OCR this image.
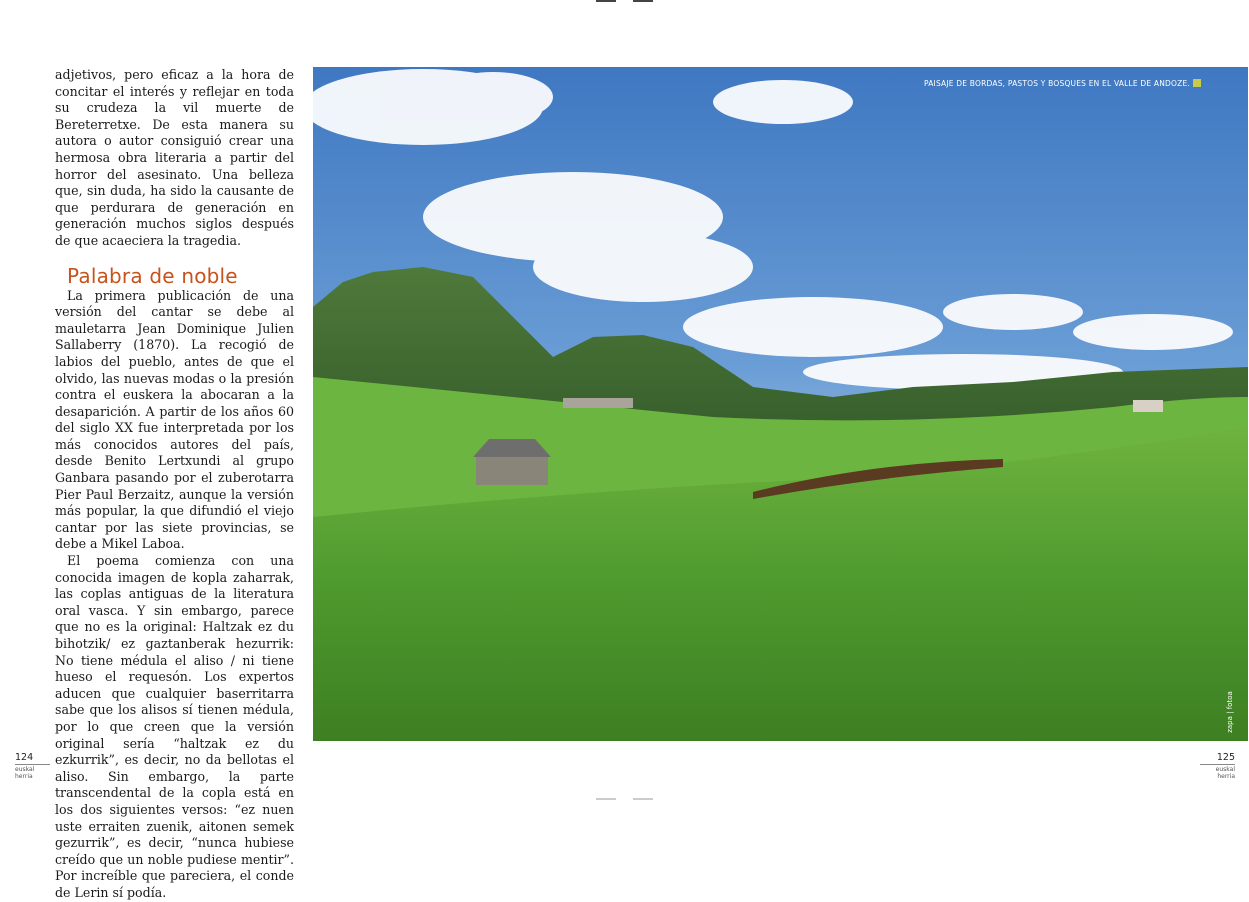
adjetivos, pero eficaz a la hora de concitar el interés y reflejar en toda su crudeza la vil muerte de Bereterretxe. De esta manera su autora o autor consiguió crear una hermosa obra literaria a partir del horror del asesinato. Una belleza que, sin duda, ha sido la causante de que perdurara de generación en generación muchos siglos después de que acaeciera la tragedia.

Palabra de noble

La primera publicación de una versión del cantar se debe al mauletarra Jean Dominique Julien Sallaberry (1870). La recogió de labios del pueblo, antes de que el olvido, las nuevas modas o la presión contra el euskera la abocaran a la desaparición. A partir de los años 60 del siglo XX fue interpretada por los más conocidos autores del país, desde Benito Lertxundi al grupo Ganbara pasando por el zuberotarra Pier Paul Berzaitz, aunque la versión más popular, la que difundió el viejo cantar por las siete provincias, se debe a Mikel Laboa.

El poema comienza con una conocida imagen de kopla zaharrak, las coplas antiguas de la literatura oral vasca. Y sin embargo, parece que no es la original: Haltzak ez du bihotzik/ ez gaztanberak hezurrik: No tiene médula el aliso / ni tiene hueso el requesón. Los expertos aducen que cualquier baserritarra sabe que los alisos sí tienen médula, por lo que creen que la versión original sería “haltzak ez du ezkurrik”, es decir, no da bellotas el aliso. Sin embargo, la parte transcendental de la copla está en los dos siguientes versos: “ez nuen uste erraiten zuenik, aitonen semek gezurrik”, es decir, “nunca hubiese creído que un noble pudiese mentir”. Por increíble que pareciera, el conde de Lerin sí podía.

PAISAJE DE BORDAS, PASTOS Y BOSQUES EN EL VALLE DE ANDOZE.
zapa | fotoa
124
euskal herria
125
euskal herria
